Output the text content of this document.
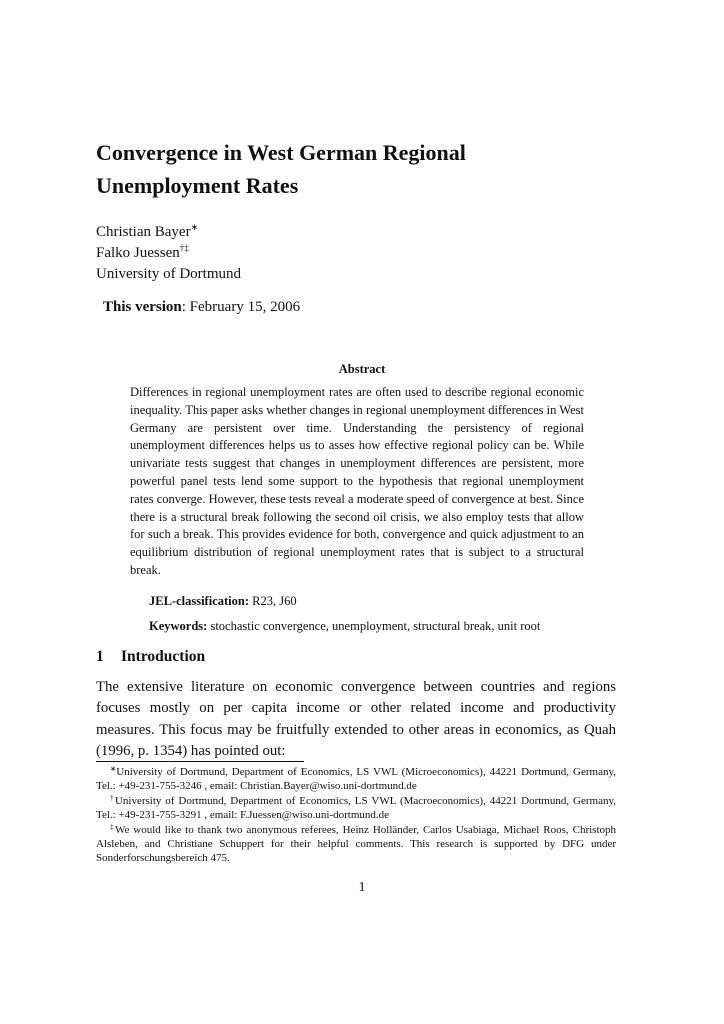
Convergence in West German Regional
Unemployment Rates
Christian Bayer∗
Falko Juessen†‡
University of Dortmund
This version: February 15, 2006
Abstract
Differences in regional unemployment rates are often used to describe regional economic inequality. This paper asks whether changes in regional unemployment differences in West Germany are persistent over time. Understanding the persistency of regional unemployment differences helps us to asses how effective regional policy can be. While univariate tests suggest that changes in unemployment differences are persistent, more powerful panel tests lend some support to the hypothesis that regional unemployment rates converge. However, these tests reveal a moderate speed of convergence at best. Since there is a structural break following the second oil crisis, we also employ tests that allow for such a break. This provides evidence for both, convergence and quick adjustment to an equilibrium distribution of regional unemployment rates that is subject to a structural break.
JEL-classification: R23, J60
Keywords: stochastic convergence, unemployment, structural break, unit root
1 Introduction
The extensive literature on economic convergence between countries and regions focuses mostly on per capita income or other related income and productivity measures. This focus may be fruitfully extended to other areas in economics, as Quah (1996, p. 1354) has pointed out:
∗University of Dortmund, Department of Economics, LS VWL (Microeconomics), 44221 Dortmund, Germany, Tel.: +49-231-755-3246 , email: Christian.Bayer@wiso.uni-dortmund.de
†University of Dortmund, Department of Economics, LS VWL (Macroeconomics), 44221 Dortmund, Germany, Tel.: +49-231-755-3291 , email: F.Juessen@wiso.uni-dortmund.de
‡We would like to thank two anonymous referees, Heinz Holländer, Carlos Usabiaga, Michael Roos, Christoph Alsleben, and Christiane Schuppert for their helpful comments. This research is supported by DFG under Sonderforschungsbereich 475.
1
